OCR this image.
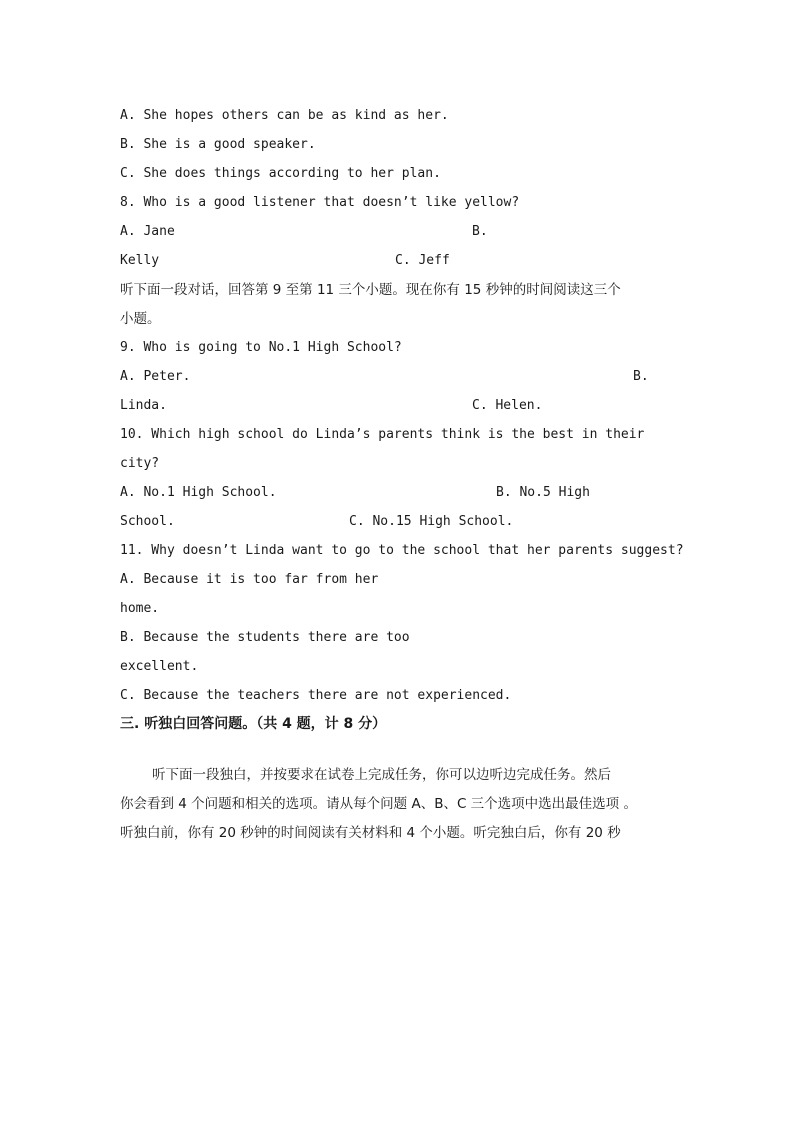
A. She hopes others can be as kind as her.
B. She is a good speaker.
C. She does things according to her plan.
8. Who is a good listener that doesn’t like yellow?
A. Jane	B.
Kelly	C. Jeff
听下面一段对话，回答第 9 至第 11 三个小题。现在你有 15 秒钟的时间阅读这三个
小题。
9. Who is going to No.1 High School?
A. Peter.	B.
Linda.	C. Helen.
10. Which high school do Linda’s parents think is the best in their
city?
A. No.1 High School.	B. No.5 High
School.	C. No.15 High School.
11. Why doesn’t Linda want to go to the school that her parents suggest?
A. Because it is too far from her
home.
B. Because the students there are too
excellent.
C. Because the teachers there are not experienced.
三. 听独白回答问题。（共 4 题，计 8 分）
听下面一段独白，并按要求在试卷上完成任务，你可以边听边完成任务。然后
你会看到 4 个问题和相关的选项。请从每个问题 A、B、C 三个选项中选出最佳选项 。
听独白前，你有 20 秒钟的时间阅读有关材料和 4 个小题。听完独白后，你有 20 秒
